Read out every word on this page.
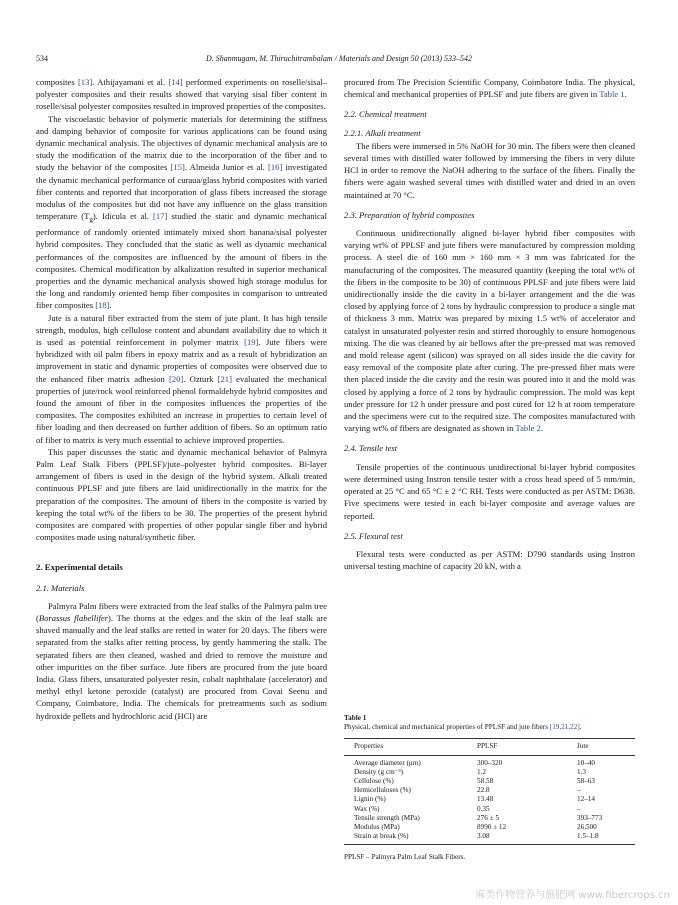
534	D. Shanmugam, M. Thiruchitrambalam / Materials and Design 50 (2013) 533–542

composites [13]. Athijayamani et al. [14] performed experiments on roselle/sisal–polyester composites and their results showed that varying sisal fiber content in roselle/sisal polyester composites resulted in improved properties of the composites.

The viscoelastic behavior of polymeric materials for determining the stiffness and damping behavior of composite for various applications can be found using dynamic mechanical analysis. The objectives of dynamic mechanical analysis are to study the modification of the matrix due to the incorporation of the fiber and to study the behavior of the composites [15]. Almeida Junior et al. [16] investigated the dynamic mechanical performance of curaua/glass hybrid composites with varied fiber contents and reported that incorporation of glass fibers increased the storage modulus of the composites but did not have any influence on the glass transition temperature $(T_g)$. Idicula et al. [17] studied the static and dynamic mechanical performance of randomly oriented intimately mixed short banana/sisal polyester hybrid composites. They concluded that the static as well as dynamic mechanical performances of the composites are influenced by the amount of fibers in the composites. Chemical modification by alkalization resulted in superior mechanical properties and the dynamic mechanical analysis showed high storage modulus for the long and randomly oriented hemp fiber composites in comparison to untreated fiber composites [18].

Jute is a natural fiber extracted from the stem of jute plant. It has high tensile strength, modulus, high cellulose content and abundant availability due to which it is used as potential reinforcement in polymer matrix [19]. Jute fibers were hybridized with oil palm fibers in epoxy matrix and as a result of hybridization an improvement in static and dynamic properties of composites were observed due to the enhanced fiber matrix adhesion [20]. Ozturk [21] evaluated the mechanical properties of jute/rock wool reinforced phenol formaldehyde hybrid composites and found the amount of fiber in the composites influences the properties of the composites. The composites exhibited an increase in properties to certain level of fiber loading and then decreased on further addition of fibers. So an optimum ratio of fiber to matrix is very much essential to achieve improved properties.

This paper discusses the static and dynamic mechanical behavior of Palmyra Palm Leaf Stalk Fibers (PPLSF)/jute–polyester hybrid composites. Bi-layer arrangement of fibers is used in the design of the hybrid system. Alkali treated continuous PPLSF and jute fibers are laid unidirectionally in the matrix for the preparation of the composites. The amount of fibers in the composite is varied by keeping the total wt% of the fibers to be 30. The properties of the present hybrid composites are compared with properties of other popular single fiber and hybrid composites made using natural/synthetic fiber.

2. Experimental details

2.1. Materials

Palmyra Palm fibers were extracted from the leaf stalks of the Palmyra palm tree (Borassus flabellifer). The thorns at the edges and the skin of the leaf stalk are shaved manually and the leaf stalks are retted in water for 20 days. The fibers were separated from the stalks after retting process, by gently hammering the stalk. The separated fibers are then cleaned, washed and dried to remove the moisture and other impurities on the fiber surface. Jute fibers are procured from the jute board India. Glass fibers, unsaturated polyester resin, cobalt naphthalate (accelerator) and methyl ethyl ketone peroxide (catalyst) are procured from Covai Seenu and Company, Coimbatore, India. The chemicals for pretreatments such as sodium hydroxide pellets and hydrochloric acid (HCl) are

procured from The Precision Scientific Company, Coimbatore India. The physical, chemical and mechanical properties of PPLSF and jute fibers are given in Table 1.

2.2. Chemical treatment

2.2.1. Alkali treatment

The fibers were immersed in 5% NaOH for 30 min. The fibers were then cleaned several times with distilled water followed by immersing the fibers in very dilute HCl in order to remove the NaOH adhering to the surface of the fibers. Finally the fibers were again washed several times with distilled water and dried in an oven maintained at 70 °C.

2.3. Preparation of hybrid composites

Continuous unidirectionally aligned bi-layer hybrid fiber composites with varying wt% of PPLSF and jute fibers were manufactured by compression molding process. A steel die of 160 mm × 160 mm × 3 mm was fabricated for the manufacturing of the composites. The measured quantity (keeping the total wt% of the fibers in the composite to be 30) of continuous PPLSF and jute fibers were laid unidirectionally inside the die cavity in a bi-layer arrangement and the die was closed by applying force of 2 tons by hydraulic compression to produce a single mat of thickness 3 mm. Matrix was prepared by mixing 1.5 wt% of accelerator and catalyst in unsaturated polyester resin and stirred thoroughly to ensure homogenous mixing. The die was cleaned by air bellows after the pre-pressed mat was removed and mold release agent (silicon) was sprayed on all sides inside the die cavity for easy removal of the composite plate after curing. The pre-pressed fiber mats were then placed inside the die cavity and the resin was poured into it and the mold was closed by applying a force of 2 tons by hydraulic compression. The mold was kept under pressure for 12 h under pressure and post cured for 12 h at room temperature and the specimens were cut to the required size. The composites manufactured with varying wt% of fibers are designated as shown in Table 2.

2.4. Tensile test

Tensile properties of the continuous unidirectional bi-layer hybrid composites were determined using Instron tensile tester with a cross head speed of 5 mm/min, operated at 25 °C and 65 °C ± 2 °C RH. Tests were conducted as per ASTM: D638. Five specimens were tested in each bi-layer composite and average values are reported.

2.5. Flexural test

Flexural tests were conducted as per ASTM: D790 standards using Instron universal testing machine of capacity 20 kN, with a

Table 1
Physical, chemical and mechanical properties of PPLSF and jute fibers [19,21,22].
Properties	PPLSF	Jute
Average diameter (μm)	300–320	10–40
Density (g cm⁻³)	1.2	1.3
Cellulose (%)	58.58	58–63
Hemicelluloses (%)	22.8	–
Lignin (%)	13.48	12–14
Wax (%)	0.35	–
Tensile strength (MPa)	276 ± 5	393–773
Modulus (MPa)	8990 ± 12	26,500
Strain at break (%)	3.08	1.5–1.8
PPLSF – Palmyra Palm Leaf Stalk Fibers.
麻类作物营养与施肥网 www.fibercrops.cn
